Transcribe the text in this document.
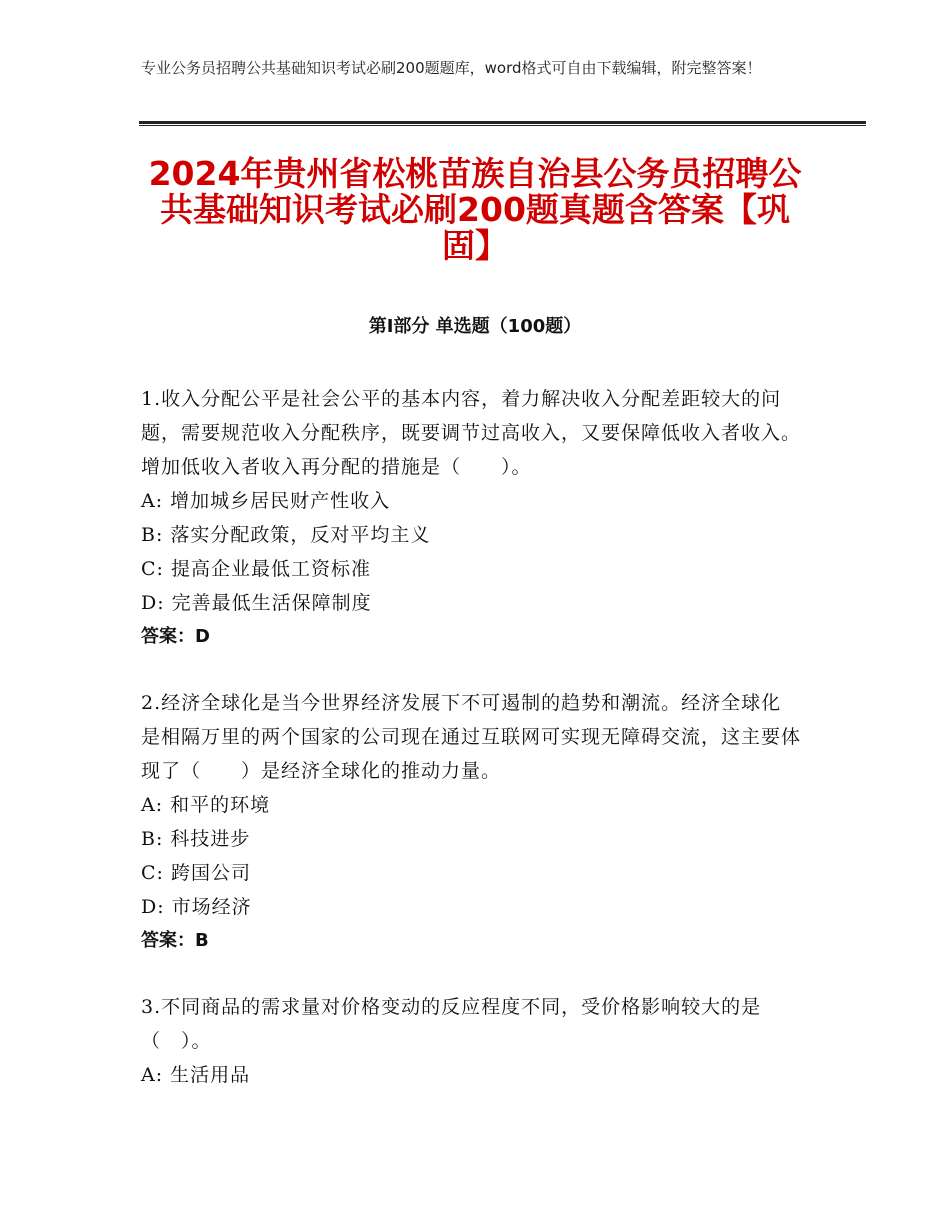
专业公务员招聘公共基础知识考试必刷200题题库，word格式可自由下载编辑，附完整答案！

2024年贵州省松桃苗族自治县公务员招聘公共基础知识考试必刷200题真题含答案【巩固】
第Ⅰ部分 单选题（100题）

1.收入分配公平是社会公平的基本内容，着力解决收入分配差距较大的问题，需要规范收入分配秩序，既要调节过高收入，又要保障低收入者收入。增加低收入者收入再分配的措施是（　　）。

A: 增加城乡居民财产性收入

B: 落实分配政策，反对平均主义

C: 提高企业最低工资标准

D: 完善最低生活保障制度

答案：D

2.经济全球化是当今世界经济发展下不可遏制的趋势和潮流。经济全球化是相隔万里的两个国家的公司现在通过互联网可实现无障碍交流，这主要体现了（　　）是经济全球化的推动力量。

A: 和平的环境

B: 科技进步

C: 跨国公司

D: 市场经济

答案：B

3.不同商品的需求量对价格变动的反应程度不同，受价格影响较大的是（　）。

A: 生活用品
